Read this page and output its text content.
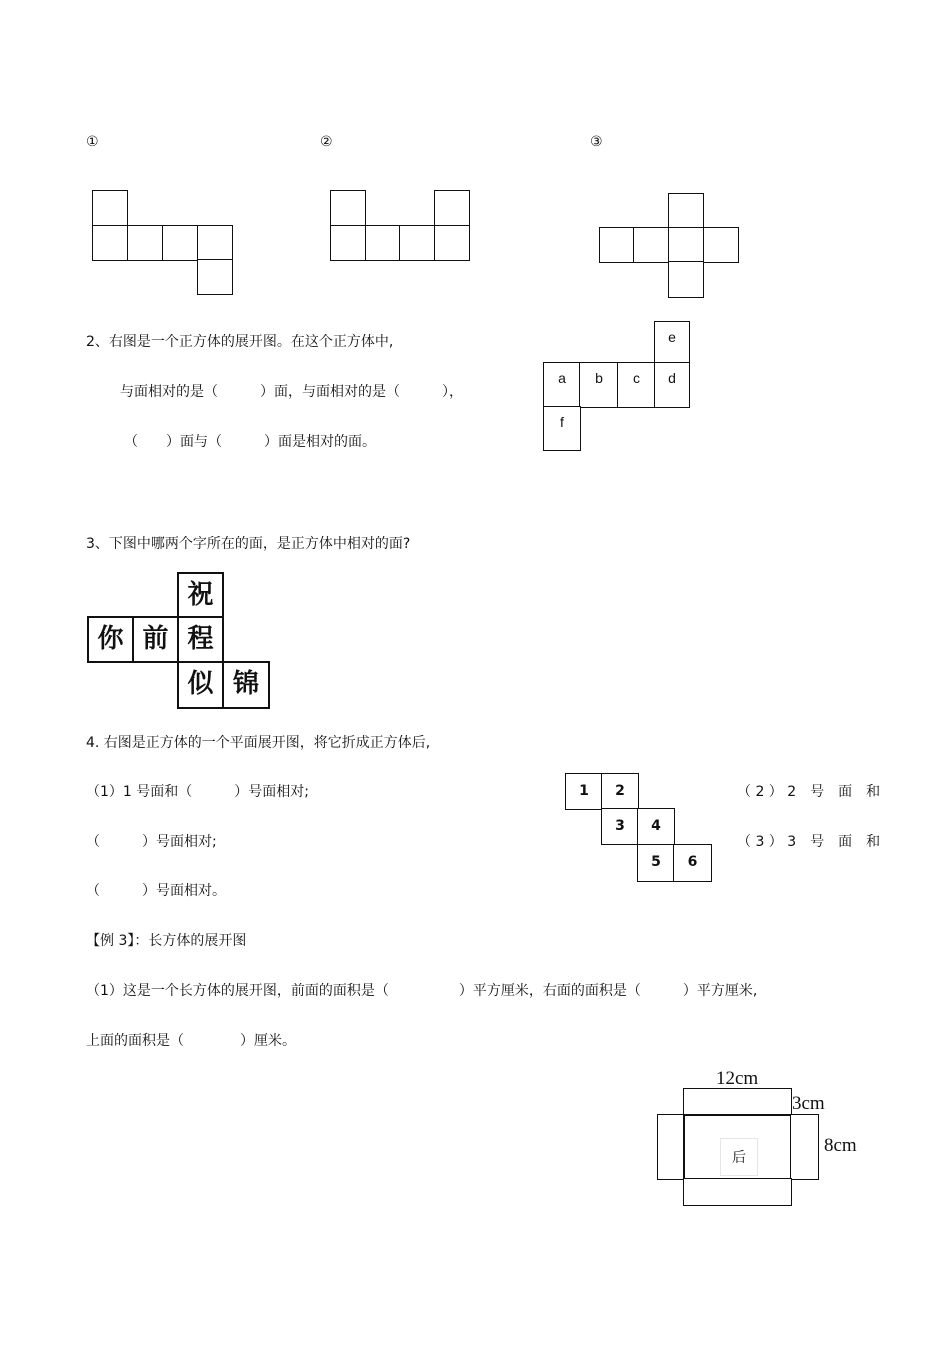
①	②	③
2、右图是一个正方体的展开图。在这个正方体中,
与面相对的是（　　　）面，与面相对的是（　　　），
（　　）面与（　　　）面是相对的面。
e
a	b	c	d
f
3、下图中哪两个字所在的面，是正方体中相对的面?
祝
你 前 程
似 锦
4. 右图是正方体的一个平面展开图，将它折成正方体后,
（1）1 号面和（　　　）号面相对;
（　　　）号面相对;
（　　　）号面相对。
（ 2 ） 2　号　面　和
（ 3 ） 3　号　面　和
1	2
3	4
5	6
【例 3】：长方体的展开图
（1）这是一个长方体的展开图，前面的面积是（　　　　　）平方厘米，右面的面积是（　　　）平方厘米,
上面的面积是（　　　　）厘米。
后
12cm
3cm
8cm
